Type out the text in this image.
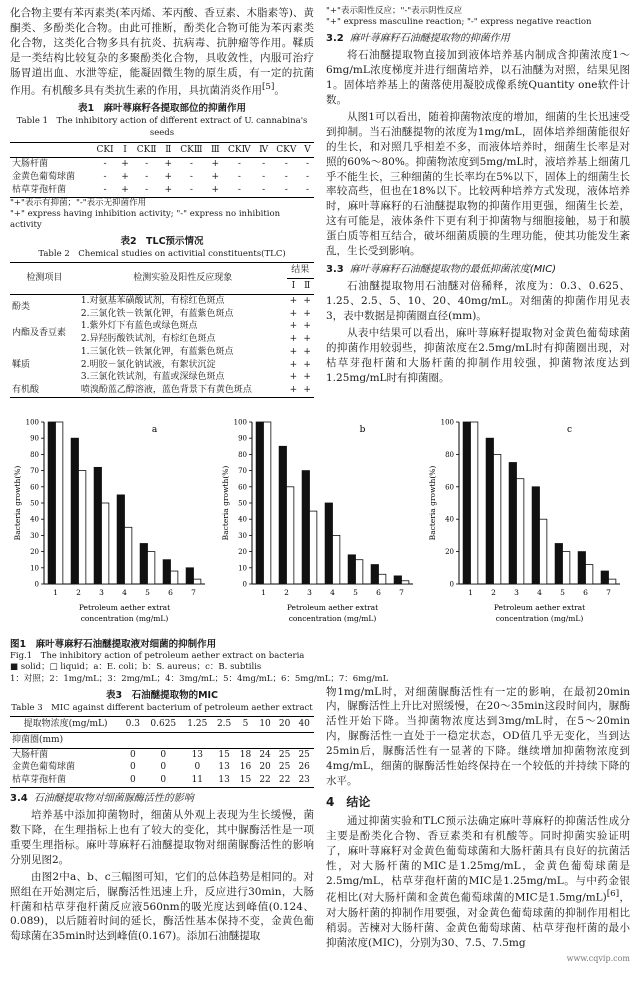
化合物主要有苯丙素类(苯丙烯、苯丙酸、香豆素、木脂素等)、黄酮类、多酚类化合物。由此可推断，酚类化合物可能为苯丙素类化合物，这类化合物多具有抗炎、抗病毒、抗肿瘤等作用。鞣质是一类结构比较复杂的多聚酚类化合物，具收敛性，内服可治疗肠胃道出血、水泄等症，能凝固微生物的原生质，有一定的抗菌作用。有机酸多具有类抗生素的作用，具抗菌消炎作用[5]。

表1　麻叶荨麻籽各提取部位的抑菌作用
Table 1　The inhibitory action of different extract of U. cannabina's seeds
	CKⅠ	Ⅰ	CKⅡ	Ⅱ	CKⅢ	Ⅲ	CKⅣ	Ⅳ	CKⅤ	Ⅴ
大肠杆菌	-	+	-	+	-	+	-	-	-	-
金黄色葡萄球菌	-	+	-	+	-	+	-	-	-	-
枯草芽孢杆菌	-	+	-	+	-	+	-	-	-	-
"+"表示有抑菌；"-"表示无抑菌作用
"+" express having inhibition activity; "-" express no inhibition activity
表2　TLC预示情况
Table 2　Chemical studies on activitial constituents(TLC)
检测项目	检测实验及阳性反应现象	结果	
		Ⅰ	Ⅱ
酚类	1.对氨基苯磺酸试剂，有棕红色斑点	+	+
	2.三氯化铁－铁氰化钾，有蓝紫色斑点	+	+
内酯及香豆素	1.紫外灯下有蓝色或绿色斑点	+	+
	2.异羟肟酸铁试剂，有棕红色斑点	+	+
鞣质	1.三氯化铁－铁氰化钾，有蓝紫色斑点	+	+
	2.明胶－氯化钠试液，有絮状沉淀	+	+
	3.三氯化铁试剂，有蓝或深绿色斑点	+	+
有机酸	喷溴酚蓝乙醇溶液，蓝色背景下有黄色斑点	+	+
"+"表示阳性反应；"-"表示阴性反应
"+" express masculine reaction; "-" express negative reaction
3.2 麻叶荨麻籽石油醚提取物的抑菌作用

将石油醚提取物直接加到液体培养基内制成含抑菌浓度1～6mg/mL浓度梯度并进行细菌培养，以石油醚为对照，结果见图1。固体培养基上的菌落使用凝胶成像系统Quantity one软件计数。

从图1可以看出，随着抑菌物浓度的增加，细菌的生长迅速受到抑制。当石油醚提物的浓度为1mg/mL，固体培养细菌能很好的生长，和对照几乎相差不多，而液体培养时，细菌生长率是对照的60%～80%。抑菌物浓度到5mg/mL时，液培养基上细菌几乎不能生长，三种细菌的生长率均在5%以下，固体上的细菌生长率较高些，但也在18%以下。比较两种培养方式发现，液体培养时，麻叶荨麻籽的石油醚提取物的抑菌作用更强，细菌生长差，这有可能是，液体条件下更有利于抑菌物与细胞接触，易于和膜蛋白质等相互结合，破坏细菌质膜的生理功能，使其功能发生紊乱，生长受到影响。

3.3 麻叶荨麻籽石油醚提取物的最低抑菌浓度(MIC)

石油醚提取物用石油醚对倍稀释，浓度为：0.3、0.625、1.25、2.5、5、10、20、40mg/mL。对细菌的抑菌作用见表3，表中数据是抑菌圈直径(mm)。

从表中结果可以看出，麻叶荨麻籽提取物对金黄色葡萄球菌的抑菌作用较弱些，抑菌浓度在2.5mg/mL时有抑菌圈出现，对枯草芽孢杆菌和大肠杆菌的抑制作用较强，抑菌物浓度达到1.25mg/mL时有抑菌圈。

0
10
20
30
40
50
60
70
80
90
100
1 2 3 4 5 6 7
a
Bacteria growth(%)
Petroleum aether extrat
concentration (mg/mL)
0
10
20
30
40
50
60
70
80
90
100
1 2 3 4 5 6 7
b
Bacteria growth(%)
Petroleum aether extrat
concentration (mg/mL)
0
20
40
60
80
100
1 2 3 4 5 6 7
c
Bacteria growth(%)
Petroleum aether extrat
concentration (mg/mL)
图1　麻叶荨麻籽石油醚提取液对细菌的抑制作用
Fig.1　The inhibitory action of petroleum aether extract on bacteria
■ solid；□ liquid；a：E. coli；b：S. aureus；c：B. subtilis
1：对照；2：1mg/mL；3：2mg/mL；4：3mg/mL；5：4mg/mL；6：5mg/mL；7：6mg/mL
表3　石油醚提取物的MIC
Table 3　MIC against different bacterium of petroleum aether extract
提取物浓度(mg/mL)	0.3	0.625	1.25	2.5	5	10	20	40
抑菌圈(mm)								
大肠杆菌	0	0	13	15	18	24	25	25
金黄色葡萄球菌	0	0	0	13	16	20	25	26
枯草芽孢杆菌	0	0	11	13	15	22	22	23
3.4 石油醚提取物对细菌脲酶活性的影响

培养基中添加抑菌物时，细菌从外观上表现为生长缓慢，菌数下降，在生理指标上也有了较大的变化，其中脲酶活性是一项重要生理指标。麻叶荨麻籽石油醚提取物对细菌脲酶活性的影响分别见图2。

由图2中a、b、c三幅图可知，它们的总体趋势是相同的。对照组在开始测定后，脲酶活性迅速上升，反应进行30min，大肠杆菌和枯草芽孢杆菌反应液560nm的吸光度达到峰值(0.124、0.089)，以后随着时间的延长，酶活性基本保持不变，金黄色葡萄球菌在35min时达到峰值(0.167)。添加石油醚提取

物1mg/mL时，对细菌脲酶活性有一定的影响，在最初20min内，脲酶活性上升比对照缓慢，在20～35min这段时间内，脲酶活性开始下降。当抑菌物浓度达到3mg/mL时，在5～20min内，脲酶活性一直处于一稳定状态，OD值几乎无变化，当到达25min后，脲酶活性有一显著的下降。继续增加抑菌物浓度到4mg/mL，细菌的脲酶活性始终保持在一个较低的并持续下降的水平。

4　 结论

通过抑菌实验和TLC预示法确定麻叶荨麻籽的抑菌活性成分主要是酚类化合物、香豆素类和有机酸等。同时抑菌实验证明了，麻叶荨麻籽对金黄色葡萄球菌和大肠杆菌具有良好的抗菌活性，对大肠杆菌的MIC是1.25mg/mL，金黄色葡萄球菌是2.5mg/mL，枯草芽孢杆菌的MIC是1.25mg/mL。与中药金银花相比(对大肠杆菌和金黄色葡萄球菌的MIC是1.5mg/mL)[6]，对大肠杆菌的抑制作用要强，对金黄色葡萄球菌的抑制作用相比稍弱。苦楝对大肠杆菌、金黄色葡萄球菌、枯草芽孢杆菌的最小抑菌浓度(MIC)，分别为30、7.5、7.5mg

www.cqvip.com
